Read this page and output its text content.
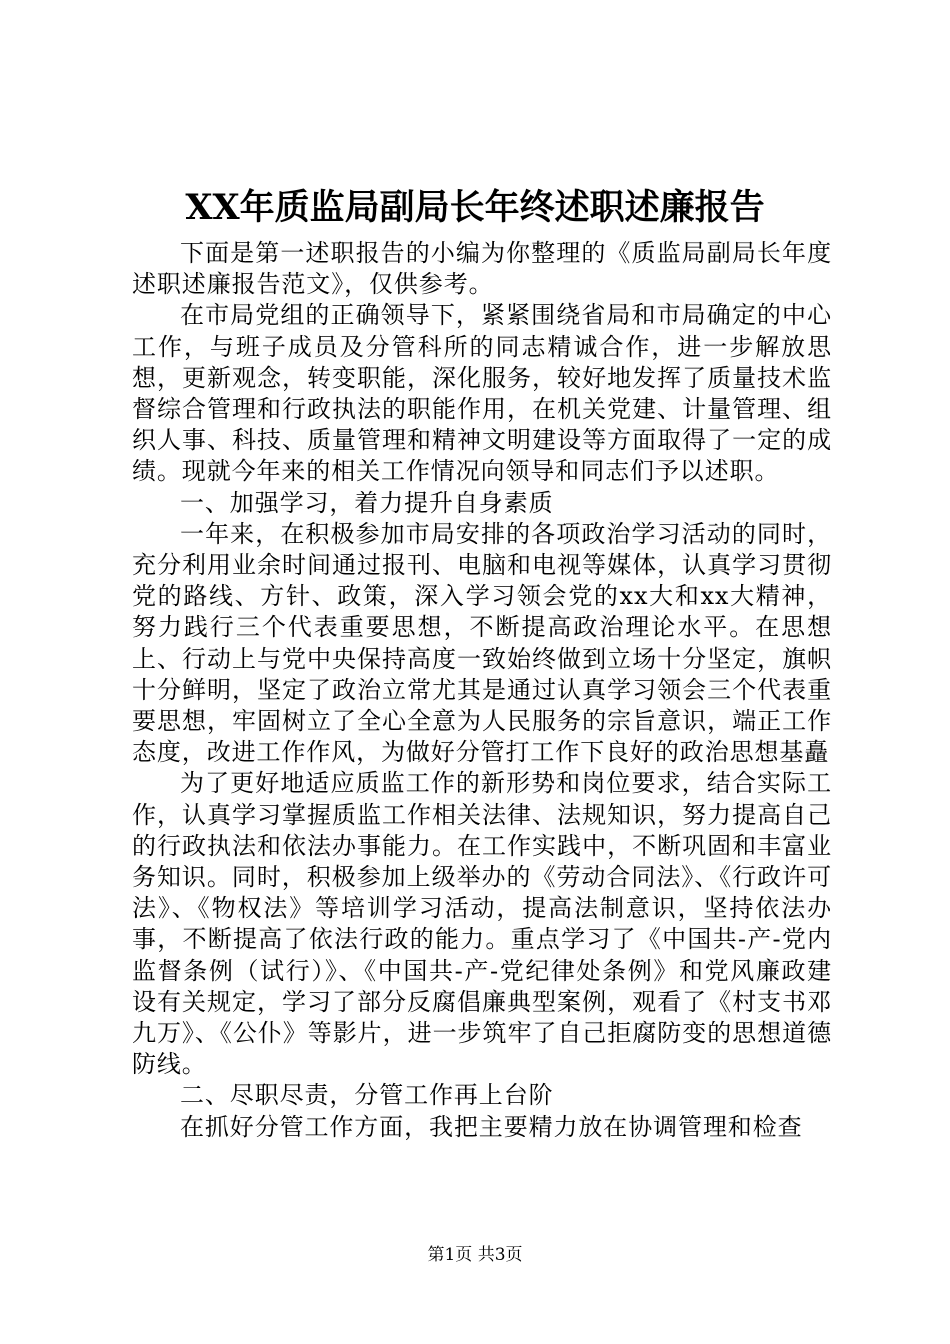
XX年质监局副局长年终述职述廉报告

下面是第一述职报告的小编为你整理的《质监局副局长年度述职述廉报告范文》，仅供参考。

在市局党组的正确领导下，紧紧围绕省局和市局确定的中心工作，与班子成员及分管科所的同志精诚合作，进一步解放思想，更新观念，转变职能，深化服务，较好地发挥了质量技术监督综合管理和行政执法的职能作用，在机关党建、计量管理、组织人事、科技、质量管理和精神文明建设等方面取得了一定的成绩。现就今年来的相关工作情况向领导和同志们予以述职。

一、加强学习，着力提升自身素质

一年来，在积极参加市局安排的各项政治学习活动的同时，充分利用业余时间通过报刊、电脑和电视等媒体，认真学习贯彻党的路线、方针、政策，深入学习领会党的xx大和xx大精神，努力践行三个代表重要思想，不断提高政治理论水平。在思想上、行动上与党中央保持高度一致始终做到立场十分坚定，旗帜十分鲜明，坚定了政治立常尤其是通过认真学习领会三个代表重要思想，牢固树立了全心全意为人民服务的宗旨意识，端正工作态度，改进工作作风，为做好分管打工作下良好的政治思想基矗

为了更好地适应质监工作的新形势和岗位要求，结合实际工作，认真学习掌握质监工作相关法律、法规知识，努力提高自己的行政执法和依法办事能力。在工作实践中，不断巩固和丰富业务知识。同时，积极参加上级举办的《劳动合同法》、《行政许可法》、《物权法》等培训学习活动，提高法制意识，坚持依法办事，不断提高了依法行政的能力。重点学习了《中国共-产-党内监督条例（试行）》、《中国共-产-党纪律处条例》和党风廉政建设有关规定，学习了部分反腐倡廉典型案例，观看了《村支书邓九万》、《公仆》等影片，进一步筑牢了自己拒腐防变的思想道德防线。

二、尽职尽责，分管工作再上台阶

在抓好分管工作方面，我把主要精力放在协调管理和检查

第1页 共3页
